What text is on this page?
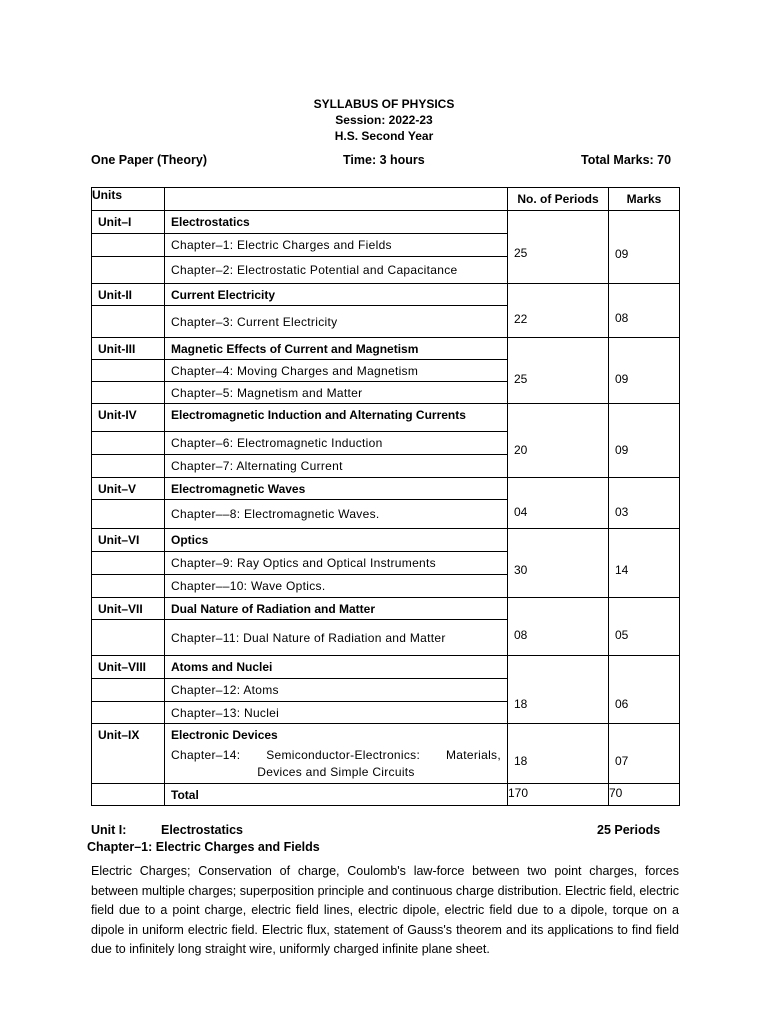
SYLLABUS OF PHYSICS
Session: 2022-23
H.S. Second Year
One Paper (Theory)	Time: 3 hours	Total Marks: 70
Units		No. of Periods	Marks
Unit–I	Electrostatics	25	09
	Chapter–1: Electric Charges and Fields		
	Chapter–2: Electrostatic Potential and Capacitance		
Unit-II	Current Electricity	22	08
	Chapter–3: Current Electricity		
Unit-III	Magnetic Effects of Current and Magnetism	25	09
	Chapter–4: Moving Charges and Magnetism		
	Chapter–5: Magnetism and Matter		
Unit-IV	Electromagnetic Induction and Alternating Currents	20	09
	Chapter–6: Electromagnetic Induction		
	Chapter–7: Alternating Current		
Unit–V	Electromagnetic Waves	04	03
	Chapter––8: Electromagnetic Waves.		
Unit–VI	Optics	30	14
	Chapter–9: Ray Optics and Optical Instruments		
	Chapter––10: Wave Optics.		
Unit–VII	Dual Nature of Radiation and Matter	08	05
	Chapter–11: Dual Nature of Radiation and Matter		
Unit–VIII	Atoms and Nuclei	18	06
	Chapter–12: Atoms		
	Chapter–13: Nuclei		
Unit–IX	Electronic Devices	18	07
	Chapter–14: Semiconductor-Electronics: Materials, Devices and Simple Circuits		
	Total	170	70
Unit I:	Electrostatics	25 Periods
Chapter–1: Electric Charges and Fields
Electric Charges; Conservation of charge, Coulomb's law-force between two point charges, forces between multiple charges; superposition principle and continuous charge distribution. Electric field, electric field due to a point charge, electric field lines, electric dipole, electric field due to a dipole, torque on a dipole in uniform electric field. Electric flux, statement of Gauss's theorem and its applications to find field due to infinitely long straight wire, uniformly charged infinite plane sheet.
